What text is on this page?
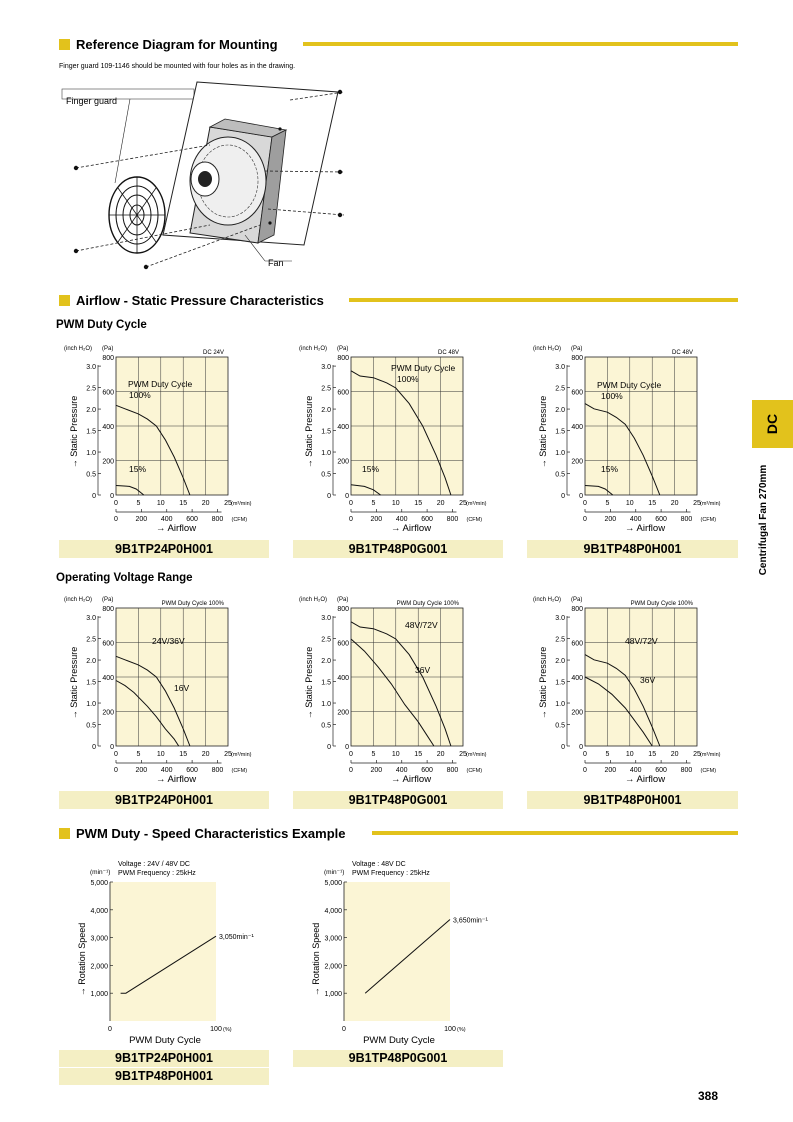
Reference Diagram for Mounting
Finger guard 109-1146 should be mounted with four holes as in the drawing.
Finger guard
Fan
Airflow - Static Pressure Characteristics
PWM Duty Cycle
Operating Voltage Range
(inch H₂O) (Pa)
DC 24V
0
200
400
600
800
0
0.5
1.0
1.5
2.0
2.5
3.0
→ Static Pressure
0	5 10 15 20 25 (m³/min)
0	200 400 600 800 (CFM)
→ Airflow
PWM Duty Cycle
100%
15%
(inch H₂O) (Pa)
DC 48V
0
200
400
600
800
0
0.5
1.0
1.5
2.0
2.5
3.0
→ Static Pressure
0	5 10 15 20 25 (m³/min)
0	200 400 600 800 (CFM)
→ Airflow
PWM Duty Cycle
100%
15%
(inch H₂O) (Pa)
DC 48V
0
200
400
600
800
0
0.5
1.0
1.5
2.0
2.5
3.0
→ Static Pressure
0	5 10 15 20 25 (m³/min)
0	200 400 600 800 (CFM)
→ Airflow
PWM Duty Cycle
100%
15%
(inch H₂O) (Pa)
PWM Duty Cycle 100%
0
200
400
600
800
0
0.5
1.0
1.5
2.0
2.5
3.0
→ Static Pressure
0	5 10 15 20 25 (m³/min)
0	200 400 600 800 (CFM)
→ Airflow
24V/36V
16V
(inch H₂O) (Pa)
PWM Duty Cycle 100%
0
200
400
600
800
0
0.5
1.0
1.5
2.0
2.5
3.0
→ Static Pressure
0	5 10 15 20 25 (m³/min)
0	200 400 600 800 (CFM)
→ Airflow
48V/72V
36V
(inch H₂O) (Pa)
PWM Duty Cycle 100%
0
200
400
600
800
0
0.5
1.0
1.5
2.0
2.5
3.0
→ Static Pressure
0	5 10 15 20 25 (m³/min)
0	200 400 600 800 (CFM)
→ Airflow
48V/72V
36V
9B1TP24P0H001	9B1TP48P0G001	9B1TP48P0H001
9B1TP24P0H001	9B1TP48P0G001	9B1TP48P0H001
PWM Duty - Speed Characteristics Example
(min⁻¹)
Voltage : 24V / 48V DC
PWM Frequency : 25kHz
1,000
2,000
3,000
4,000
5,000
0	100 (%)
PWM Duty Cycle
→ Rotation Speed	3,050min⁻¹
(min⁻¹)
Voltage : 48V DC
PWM Frequency : 25kHz
1,000
2,000
3,000
4,000
5,000
0	100 (%)
PWM Duty Cycle
→ Rotation Speed
3,650min⁻¹
9B1TP24P0H001
9B1TP48P0H001
9B1TP48P0G001
DC
Centrifugal Fan 270mm
388
